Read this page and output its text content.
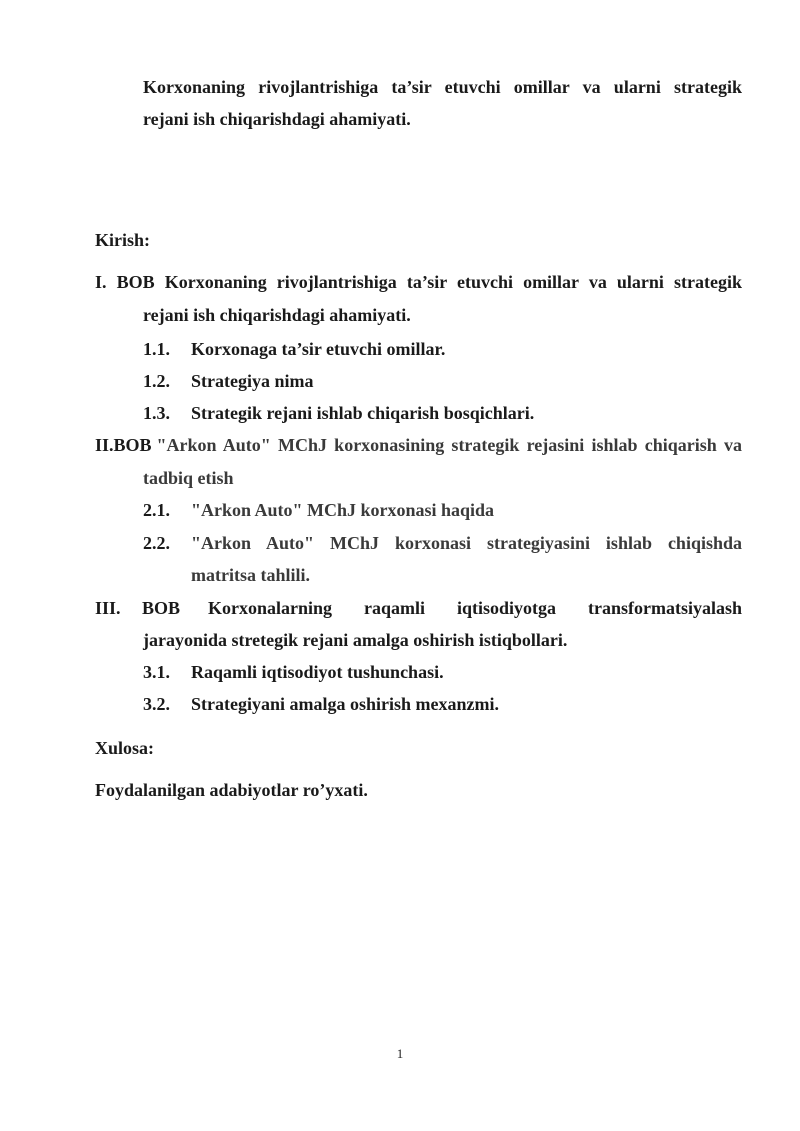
Korxonaning rivojlantrishiga ta’sir etuvchi omillar va ularni strategik
rejani ish chiqarishdagi ahamiyati.
Kirish:
I. BOB Korxonaning rivojlantrishiga ta’sir etuvchi omillar va ularni strategik
rejani ish chiqarishdagi ahamiyati.
1.1. Korxonaga ta’sir etuvchi omillar.
1.2. Strategiya nima
1.3. Strategik rejani ishlab chiqarish bosqichlari.
II.BOB "Arkon Auto" MChJ korxonasining strategik rejasini ishlab chiqarish va
tadbiq etish
2.1. "Arkon Auto" MChJ korxonasi haqida
2.2. "Arkon Auto" MChJ korxonasi strategiyasini ishlab chiqishda
matritsa tahlili.
III. BOB Korxonalarning raqamli iqtisodiyotga transformatsiyalash
jarayonida stretegik rejani amalga oshirish istiqbollari.
3.1. Raqamli iqtisodiyot tushunchasi.
3.2. Strategiyani amalga oshirish mexanzmi.
Xulosa:
Foydalanilgan adabiyotlar ro’yxati.
1
